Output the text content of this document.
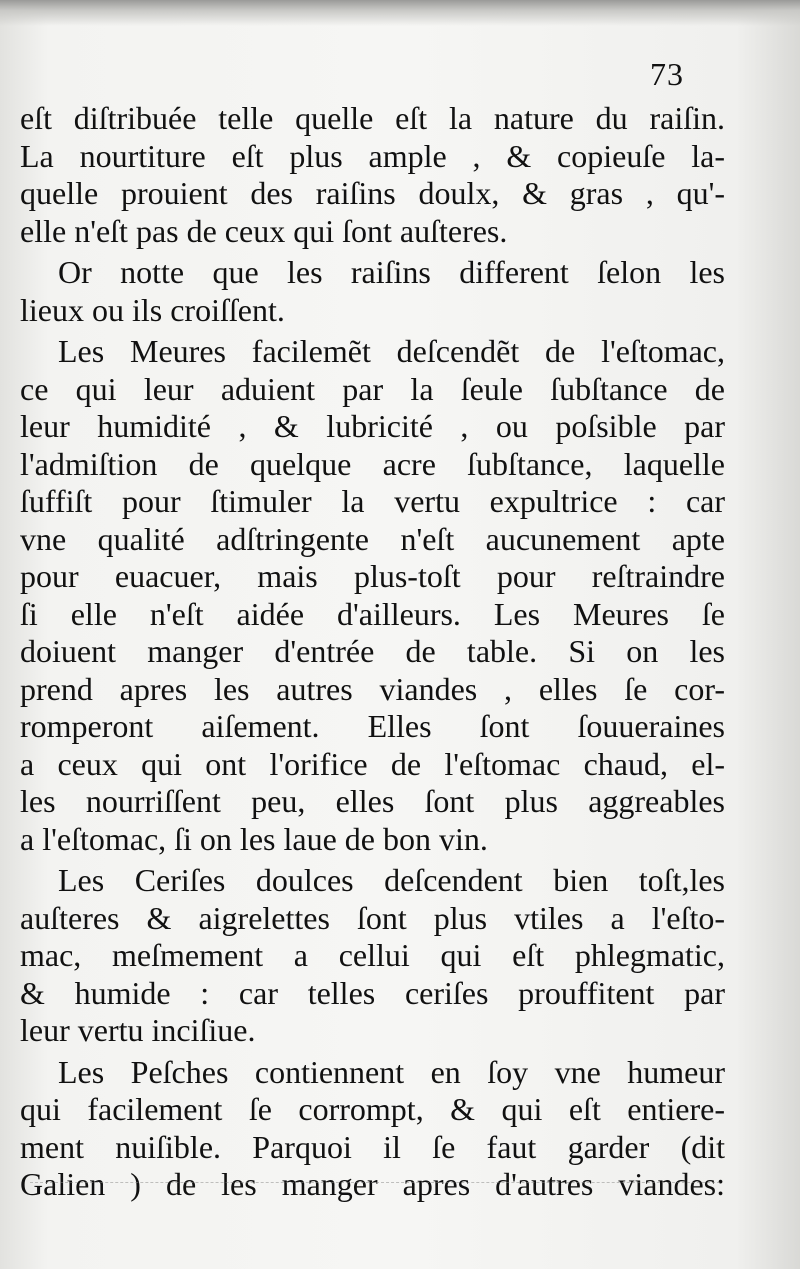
73
eſt diſtribuée telle quelle eſt la nature du raiſin.
La nourtiture eſt plus ample , & copieuſe la-
quelle prouient des raiſins doulx, & gras , qu'-
elle n'eſt pas de ceux qui ſont auſteres.
Or notte que les raiſins different ſelon les
lieux ou ils croiſſent.
Les Meures facilemẽt deſcendẽt de l'eſtomac,
ce qui leur aduient par la ſeule ſubſtance de
leur humidité , & lubricité , ou poſsible par
l'admiſtion de quelque acre ſubſtance, laquelle
ſuffiſt pour ſtimuler la vertu expultrice : car
vne qualité adſtringente n'eſt aucunement apte
pour euacuer, mais plus-toſt pour reſtraindre
ſi elle n'eſt aidée d'ailleurs. Les Meures ſe
doiuent manger d'entrée de table. Si on les
prend apres les autres viandes , elles ſe cor-
romperont aiſement. Elles ſont ſouueraines
a ceux qui ont l'orifice de l'eſtomac chaud, el-
les nourriſſent peu, elles ſont plus aggreables
a l'eſtomac, ſi on les laue de bon vin.
Les Ceriſes doulces deſcendent bien toſt,les
auſteres & aigrelettes ſont plus vtiles a l'eſto-
mac, meſmement a cellui qui eſt phlegmatic,
& humide : car telles ceriſes prouffitent par
leur vertu inciſiue.
Les Peſches contiennent en ſoy vne humeur
qui facilement ſe corrompt, & qui eſt entiere-
ment nuiſible. Parquoi il ſe faut garder (dit
Galien ) de les manger apres d'autres viandes:
